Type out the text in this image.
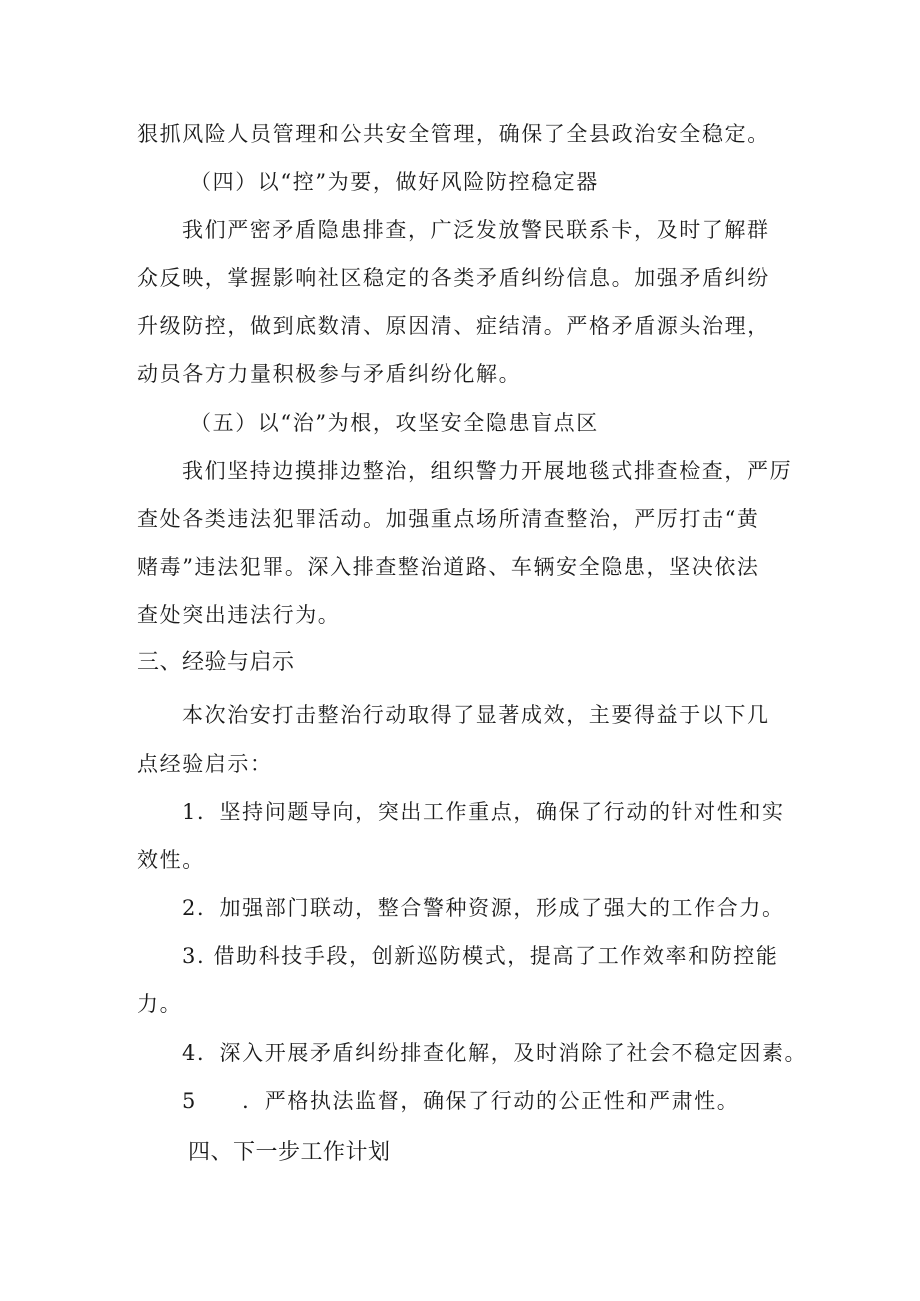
狠抓风险人员管理和公共安全管理，确保了全县政治安全稳定。
（四）以“控”为要，做好风险防控稳定器
我们严密矛盾隐患排查，广泛发放警民联系卡，及时了解群
众反映，掌握影响社区稳定的各类矛盾纠纷信息。加强矛盾纠纷
升级防控，做到底数清、原因清、症结清。严格矛盾源头治理，
动员各方力量积极参与矛盾纠纷化解。
（五）以“治”为根，攻坚安全隐患盲点区
我们坚持边摸排边整治，组织警力开展地毯式排查检查，严厉
查处各类违法犯罪活动。加强重点场所清查整治，严厉打击“黄
赌毒”违法犯罪。深入排查整治道路、车辆安全隐患，坚决依法
查处突出违法行为。
三、经验与启示
本次治安打击整治行动取得了显著成效，主要得益于以下几
点经验启示：
1．坚持问题导向，突出工作重点，确保了行动的针对性和实
效性。
2．加强部门联动，整合警种资源，形成了强大的工作合力。
3. 借助科技手段，创新巡防模式，提高了工作效率和防控能
力。
4．深入开展矛盾纠纷排查化解，及时消除了社会不稳定因素。
5　　．严格执法监督，确保了行动的公正性和严肃性。
四、下一步工作计划
